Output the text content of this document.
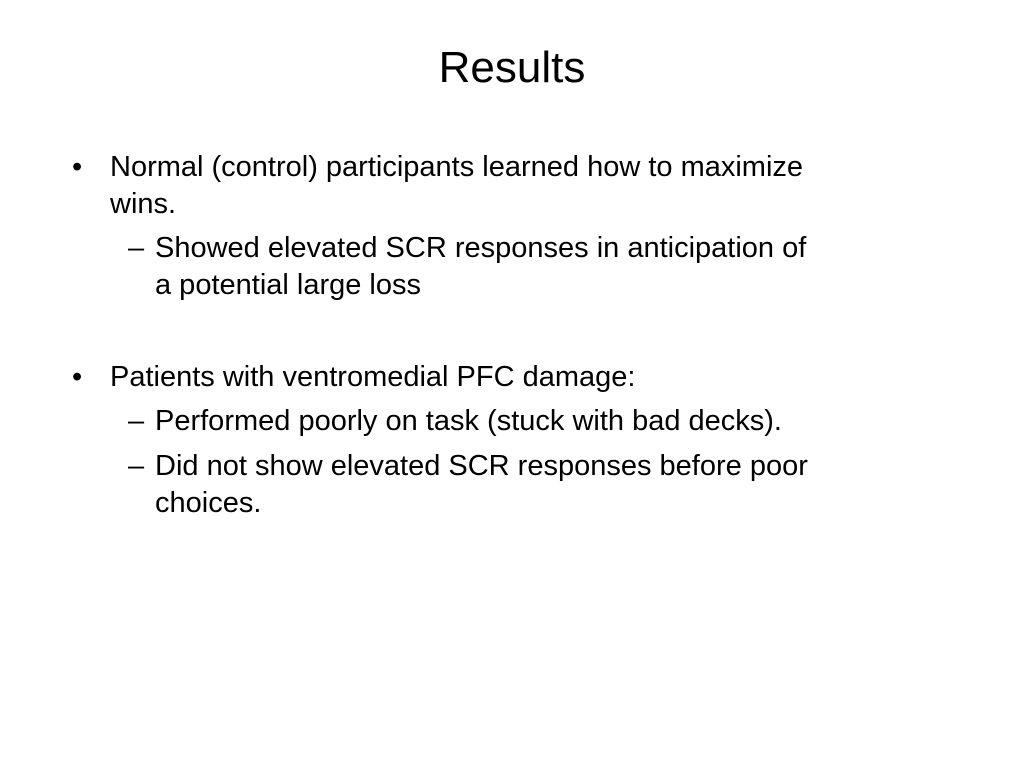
Results
• Normal (control) participants learned how to maximize
wins.
– Showed elevated SCR responses in anticipation of
a potential large loss
• Patients with ventromedial PFC damage:
– Performed poorly on task (stuck with bad decks).
– Did not show elevated SCR responses before poor
choices.
